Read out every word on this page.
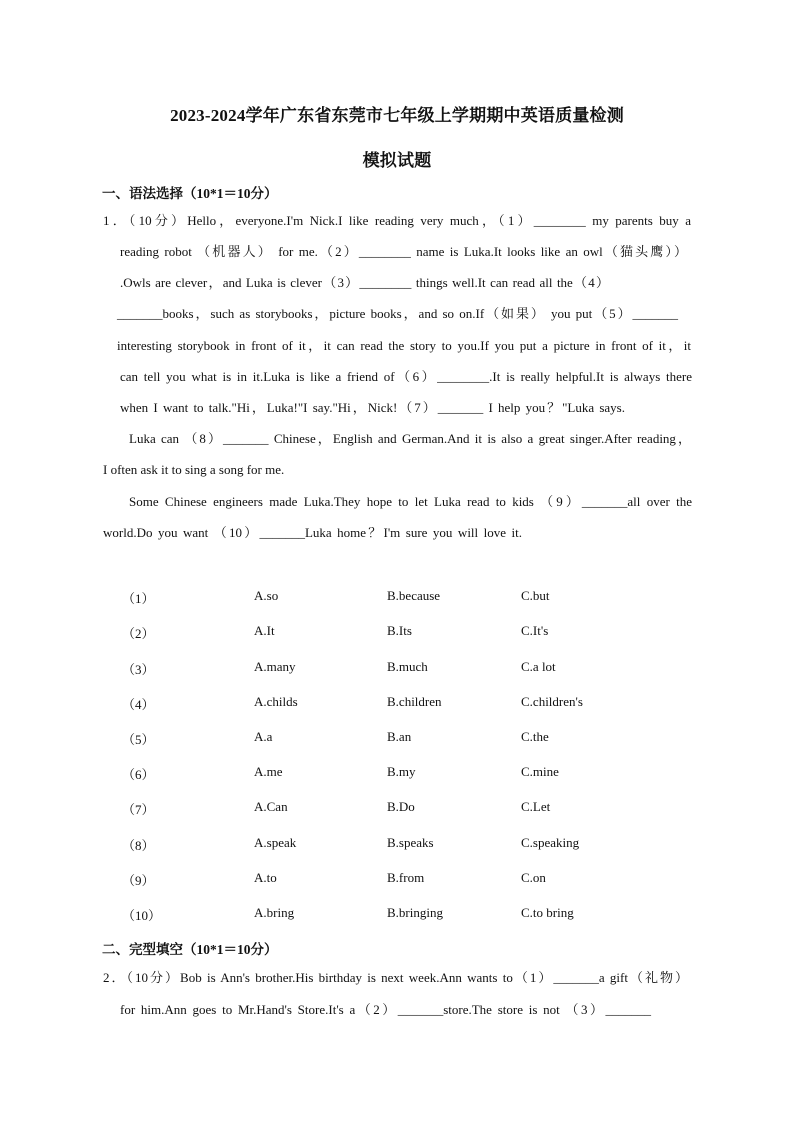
2023-2024学年广东省东莞市七年级上学期期中英语质量检测
模拟试题
一、语法选择（10*1＝10分）
1．（10分）Hello，everyone.I'm Nick.I like reading very much，（1）________ my parents buy a
reading robot （机器人） for me.（2）________ name is Luka.It looks like an owl（猫头鹰））
.Owls are clever，and Luka is clever（3）________ things well.It can read all the（4）
_______books，such as storybooks，picture books，and so on.If（如果） you put（5）_______
interesting storybook in front of it，it can read the story to you.If you put a picture in front of it，it
can tell you what is in it.Luka is like a friend of（6）________.It is really helpful.It is always there
when I want to talk."Hi，Luka!"I say."Hi，Nick!（7）_______ I help you？"Luka says.
Luka can （8）_______ Chinese，English and German.And it is also a great singer.After reading，
I often ask it to sing a song for me.
Some Chinese engineers made Luka.They hope to let Luka read to kids （9）_______all over the
world.Do you want （10）_______Luka home？I'm sure you will love it.
（1）	A.so	B.because	C.but
（2）	A.It	B.Its	C.It's
（3）	A.many	B.much	C.a lot
（4）	A.childs	B.children	C.children's
（5）	A.a	B.an	C.the
（6）	A.me	B.my	C.mine
（7）	A.Can	B.Do	C.Let
（8）	A.speak	B.speaks	C.speaking
（9）	A.to	B.from	C.on
（10）	A.bring	B.bringing	C.to bring
二、完型填空（10*1＝10分）
2．（10分）Bob is Ann's brother.His birthday is next week.Ann wants to（1）_______a gift（礼物）
for him.Ann goes to Mr.Hand's Store.It's a（2）_______store.The store is not （3）_______
